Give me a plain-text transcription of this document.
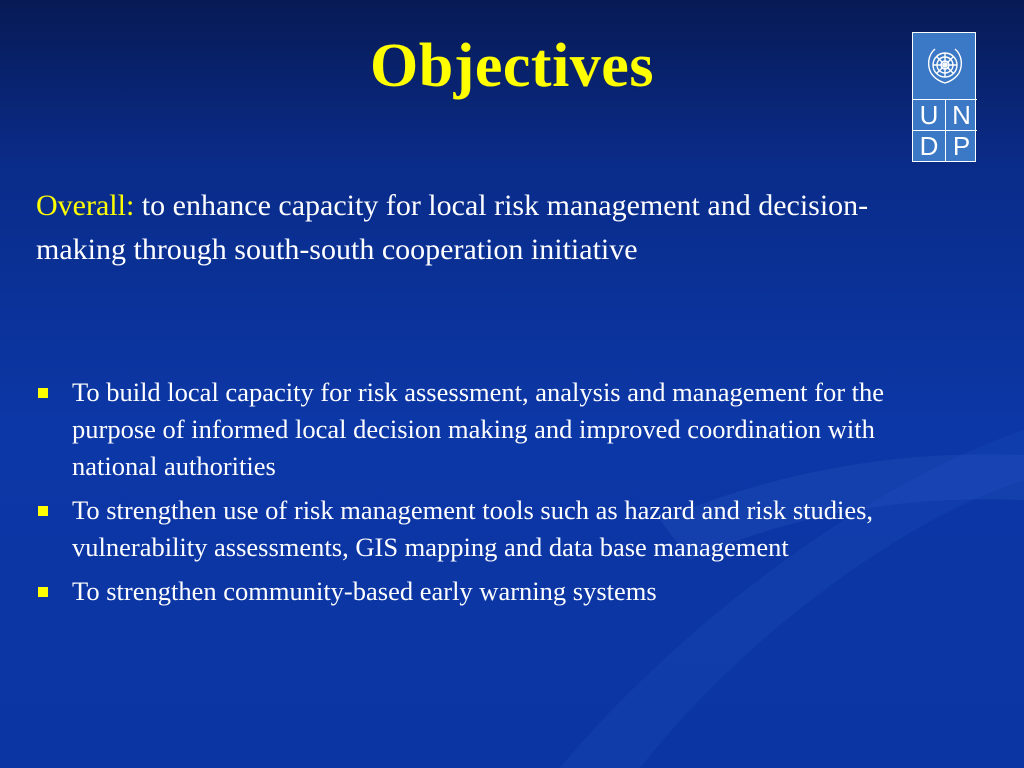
Objectives
U N
D P
Overall: to enhance capacity for local risk management and decision-making through south-south cooperation initiative
To build local capacity for risk assessment, analysis and management for the purpose of informed local decision making and improved coordination with national authorities
To strengthen use of risk management tools such as hazard and risk studies, vulnerability assessments, GIS mapping and data base management
To strengthen community-based early warning systems
